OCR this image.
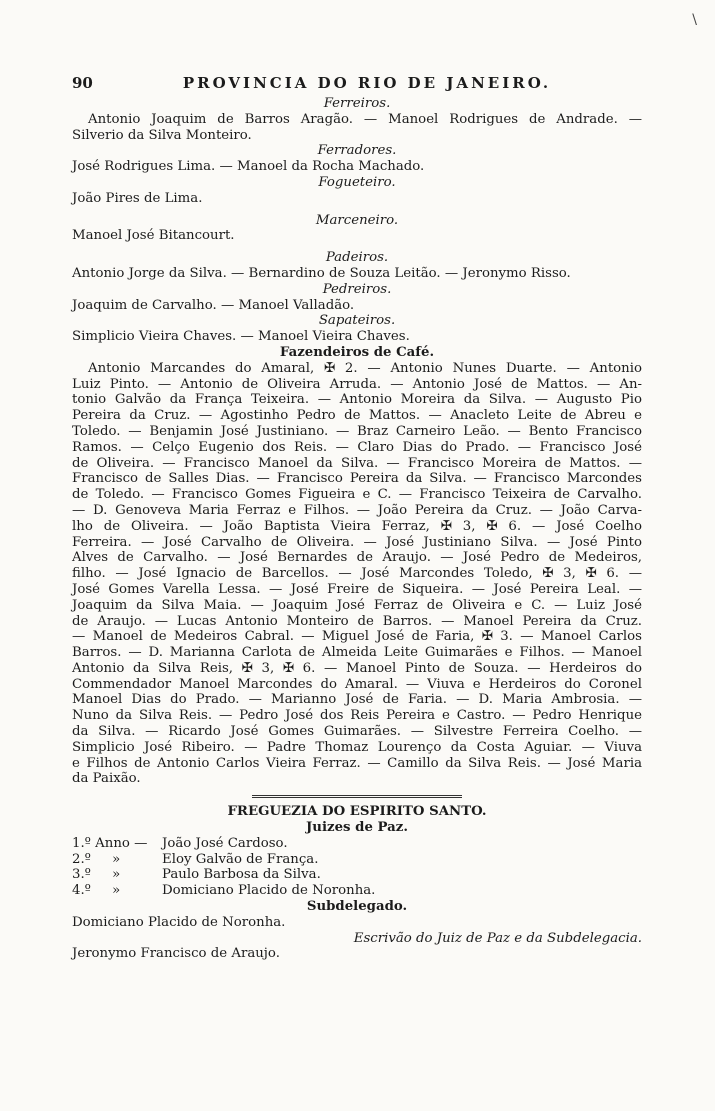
\
90	PROVINCIA DO RIO DE JANEIRO.
Ferreiros.
Antonio Joaquim de Barros Aragão. — Manoel Rodrigues de Andrade. —
Silverio da Silva Monteiro.
Ferradores.
José Rodrigues Lima. — Manoel da Rocha Machado.
Fogueteiro.
João Pires de Lima.
Marceneiro.
Manoel José Bitancourt.
Padeiros.
Antonio Jorge da Silva. — Bernardino de Souza Leitão. — Jeronymo Risso.
Pedreiros.
Joaquim de Carvalho. — Manoel Valladão.
Sapateiros.
Simplicio Vieira Chaves. — Manoel Vieira Chaves.
Fazendeiros de Café.
Antonio Marcandes do Amaral, ✠ 2. — Antonio Nunes Duarte. — Antonio
Luiz Pinto. — Antonio de Oliveira Arruda. — Antonio José de Mattos. — An-
tonio Galvão da França Teixeira. — Antonio Moreira da Silva. — Augusto Pio
Pereira da Cruz. — Agostinho Pedro de Mattos. — Anacleto Leite de Abreu e
Toledo. — Benjamin José Justiniano. — Braz Carneiro Leão. — Bento Francisco
Ramos. — Celço Eugenio dos Reis. — Claro Dias do Prado. — Francisco José
de Oliveira. — Francisco Manoel da Silva. — Francisco Moreira de Mattos. —
Francisco de Salles Dias. — Francisco Pereira da Silva. — Francisco Marcondes
de Toledo. — Francisco Gomes Figueira e C. — Francisco Teixeira de Carvalho.
— D. Genoveva Maria Ferraz e Filhos. — João Pereira da Cruz. — João Carva-
lho de Oliveira. — João Baptista Vieira Ferraz, ✠ 3, ✠ 6. — José Coelho
Ferreira. — José Carvalho de Oliveira. — José Justiniano Silva. — José Pinto
Alves de Carvalho. — José Bernardes de Araujo. — José Pedro de Medeiros,
filho. — José Ignacio de Barcellos. — José Marcondes Toledo, ✠ 3, ✠ 6. —
José Gomes Varella Lessa. — José Freire de Siqueira. — José Pereira Leal. —
Joaquim da Silva Maia. — Joaquim José Ferraz de Oliveira e C. — Luiz José
de Araujo. — Lucas Antonio Monteiro de Barros. — Manoel Pereira da Cruz.
— Manoel de Medeiros Cabral. — Miguel José de Faria, ✠ 3. — Manoel Carlos
Barros. — D. Marianna Carlota de Almeida Leite Guimarães e Filhos. — Manoel
Antonio da Silva Reis, ✠ 3, ✠ 6. — Manoel Pinto de Souza. — Herdeiros do
Commendador Manoel Marcondes do Amaral. — Viuva e Herdeiros do Coronel
Manoel Dias do Prado. — Marianno José de Faria. — D. Maria Ambrosia. —
Nuno da Silva Reis. — Pedro José dos Reis Pereira e Castro. — Pedro Henrique
da Silva. — Ricardo José Gomes Guimarães. — Silvestre Ferreira Coelho. —
Simplicio José Ribeiro. — Padre Thomaz Lourenço da Costa Aguiar. — Viuva
e Filhos de Antonio Carlos Vieira Ferraz. — Camillo da Silva Reis. — José Maria
da Paixão.
FREGUEZIA DO ESPIRITO SANTO.
Juizes de Paz.
1.º Anno —	João José Cardoso.
2.º     »	Eloy Galvão de França.
3.º     »	Paulo Barbosa da Silva.
4.º     »	Domiciano Placido de Noronha.
Subdelegado.
Domiciano Placido de Noronha.
Escrivão do Juiz de Paz e da Subdelegacia.
Jeronymo Francisco de Araujo.
